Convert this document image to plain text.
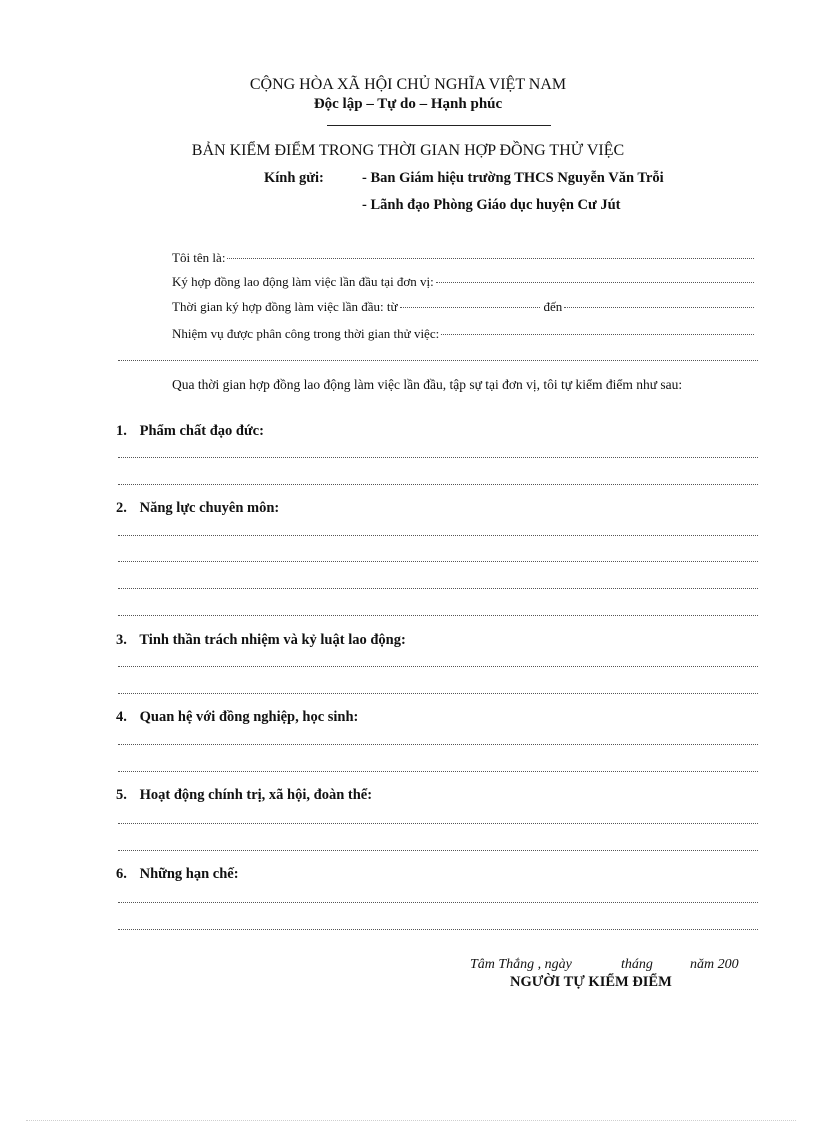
CỘNG HÒA XÃ HỘI CHỦ NGHĨA VIỆT NAM
Độc lập – Tự do – Hạnh phúc
BẢN KIỂM ĐIỂM TRONG THỜI GIAN HỢP ĐỒNG THỬ VIỆC
Kính gửi:	- Ban Giám hiệu trường THCS Nguyễn Văn Trỗi
- Lãnh đạo Phòng Giáo dục huyện Cư Jút
Tôi tên là:
Ký hợp đồng lao động làm việc lần đầu tại đơn vị:
Thời gian ký hợp đồng làm việc lần đầu: từ	đến
Nhiệm vụ được phân công trong thời gian thử việc:
Qua thời gian hợp đồng lao động làm việc lần đầu, tập sự tại đơn vị, tôi tự kiểm điểm như sau:
1. Phẩm chất đạo đức:
2. Năng lực chuyên môn:
3. Tinh thần trách nhiệm và kỷ luật lao động:
4. Quan hệ với đồng nghiệp, học sinh:
5. Hoạt động chính trị, xã hội, đoàn thể:
6. Những hạn chế:
Tâm Thắng , ngày	tháng	năm 200
NGƯỜI TỰ KIỂM ĐIỂM
